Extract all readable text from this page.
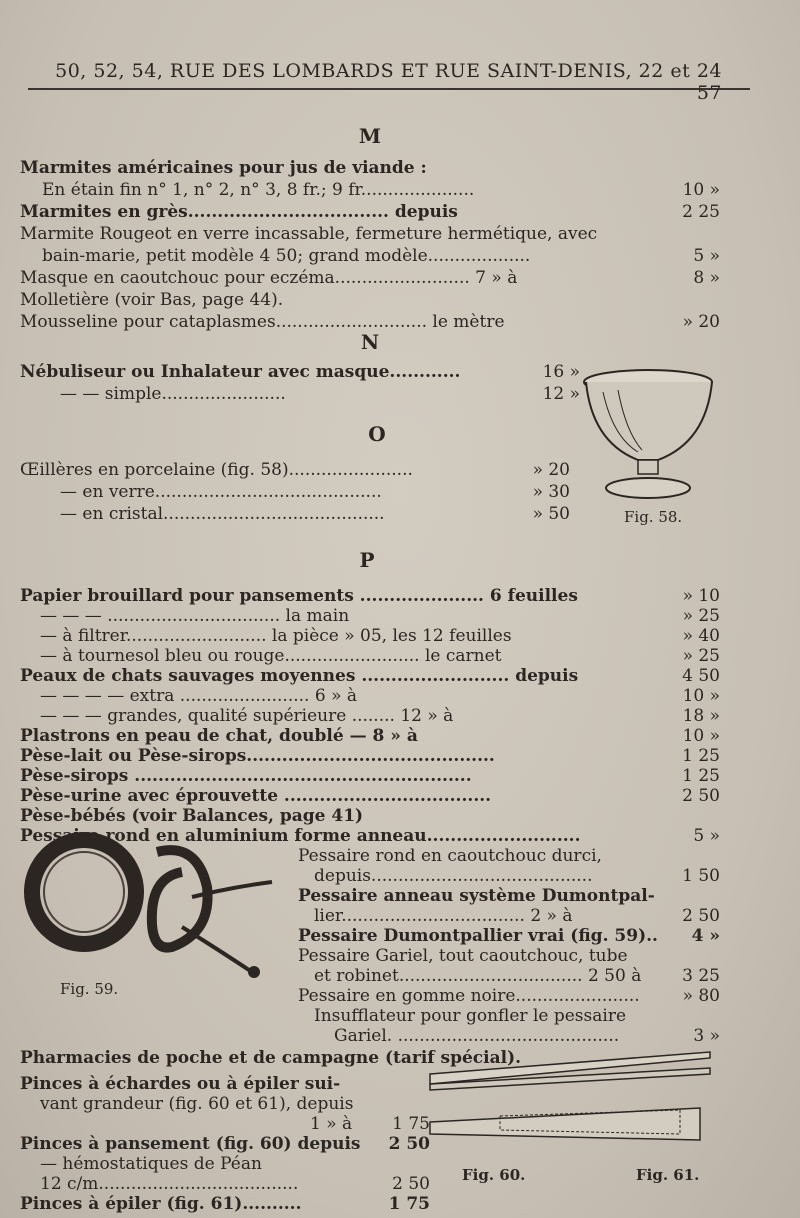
50, 52, 54, RUE DES LOMBARDS ET RUE SAINT-DENIS, 22 et 24 57
M
Marmites américaines pour jus de viande :
En étain fin n° 1, n° 2, n° 3, 8 fr.; 9 fr.....................	10 »
Marmites en grès.................................. depuis	2 25
Marmite Rougeot en verre incassable, fermeture hermétique, avec
bain-marie, petit modèle 4 50; grand modèle...................	5 »
Masque en caoutchouc pour eczéma......................... 7 » à	8 »
Molletière (voir Bas, page 44).
Mousseline pour cataplasmes............................ le mètre	» 20
N
Nébuliseur ou Inhalateur avec masque............	16 »
— — simple.......................	12 »
O
Œillères en porcelaine (fig. 58).......................	» 20
— en verre..........................................	» 30
— en cristal.........................................	» 50	Fig. 58.
P
Papier brouillard pour pansements ..................... 6 feuilles	» 10
— — — ................................ la main	» 25
— à filtrer.......................... la pièce » 05, les 12 feuilles	» 40
— à tournesol bleu ou rouge......................... le carnet	» 25
Peaux de chats sauvages moyennes ......................... depuis	4 50
— — — — extra ........................ 6 » à	10 »
— — — grandes, qualité supérieure ........ 12 » à	18 »
Plastrons en peau de chat, doublé — 8 » à	10 »
Pèse-lait ou Pèse-sirops..........................................	1 25
Pèse-sirops .........................................................	1 25
Pèse-urine avec éprouvette ...................................	2 50
Pèse-bébés (voir Balances, page 41)
Pessaire rond en aluminium forme anneau..........................	5 »
Pessaire rond en caoutchouc durci,
depuis.........................................	1 50
Pessaire anneau système Dumontpal-
lier.................................. 2 » à	2 50
Pessaire Dumontpallier vrai (fig. 59).. 4 »
Pessaire Gariel, tout caoutchouc, tube
et robinet.................................. 2 50 à 3 25
Pessaire en gomme noire.......................	» 80
Insufflateur pour gonfler le pessaire
Gariel. .........................................	3 »
Fig. 59.
Pharmacies de poche et de campagne (tarif spécial).
Pinces à échardes ou à épiler sui-
vant grandeur (fig. 60 et 61), depuis
1 » à 1 75
Pinces à pansement (fig. 60) depuis 2 50
— hémostatiques de Péan
12 c/m.....................................	2 50
Pinces à épiler (fig. 61)..........	1 75
Fig. 60.	Fig. 61.
